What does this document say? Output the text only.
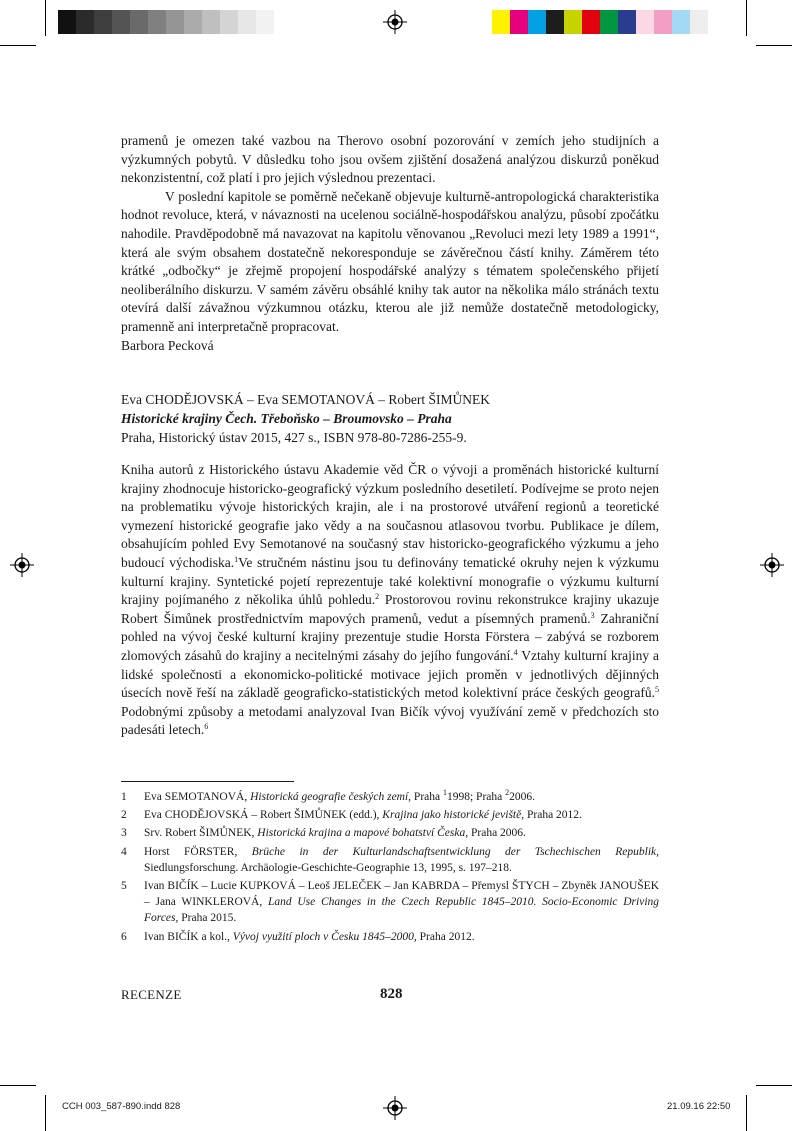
pramenů je omezen také vazbou na Therovo osobní pozorování v zemích jeho studijních a výzkumných pobytů. V důsledku toho jsou ovšem zjištění dosažená analýzou diskurzů poněkud nekonzistentní, což platí i pro jejich výslednou prezentaci.

V poslední kapitole se poměrně nečekaně objevuje kulturně-antropologická charakteristika hodnot revoluce, která, v návaznosti na ucelenou sociálně-hospodářskou analýzu, působí zpočátku nahodile. Pravděpodobně má navazovat na kapitolu věnovanou „Revoluci mezi lety 1989 a 1991“, která ale svým obsahem dostatečně nekoresponduje se závěrečnou částí knihy. Záměrem této krátké „odbočky“ je zřejmě propojení hospodářské analýzy s tématem společenského přijetí neoliberálního diskurzu. V samém závěru obsáhlé knihy tak autor na několika málo stránách textu otevírá další závažnou výzkumnou otázku, kterou ale již nemůže dostatečně metodologicky, pramenně ani interpretačně propracovat.

Barbora Pecková

Eva CHODĚJOVSKÁ – Eva SEMOTANOVÁ – Robert ŠIMŮNEK
Historické krajiny Čech. Třeboňsko – Broumovsko – Praha
Praha, Historický ústav 2015, 427 s., ISBN 978-80-7286-255-9.

Kniha autorů z Historického ústavu Akademie věd ČR o vývoji a proměnách historické kulturní krajiny zhodnocuje historicko-geografický výzkum posledního desetiletí. Podívejme se proto nejen na problematiku vývoje historických krajin, ale i na prostorové utváření regionů a teoretické vymezení historické geografie jako vědy a na současnou atlasovou tvorbu. Publikace je dílem, obsahujícím pohled Evy Semotanové na současný stav historicko-geografického výzkumu a jeho budoucí východiska.$^1$Ve stručném nástinu jsou tu definovány tematické okruhy nejen k výzkumu kulturní krajiny. Syntetické pojetí reprezentuje také kolektivní monografie o výzkumu kulturní krajiny pojímaného z několika úhlů pohledu.$^2$ Prostorovou rovinu rekonstrukce krajiny ukazuje Robert Šimůnek prostřednictvím mapových pramenů, vedut a písemných pramenů.$^3$ Zahraniční pohled na vývoj české kulturní krajiny prezentuje studie Horsta Förstera – zabývá se rozborem zlomových zásahů do krajiny a necitelnými zásahy do jejího fungování.$^4$ Vztahy kulturní krajiny a lidské společnosti a ekonomicko-politické motivace jejich proměn v jednotlivých dějinných úsecích nově řeší na základě geograficko-statistických metod kolektivní práce českých geografů.$^5$ Podobnými způsoby a metodami analyzoval Ivan Bičík vývoj využívání země v předchozích sto padesáti letech.$^6$

1	Eva SEMOTANOVÁ, Historická geografie českých zemí, Praha $^1$1998; Praha $^2$2006.
2	Eva CHODĚJOVSKÁ – Robert ŠIMŮNEK (edd.), Krajina jako historické jeviště, Praha 2012.
3	Srv. Robert ŠIMŮNEK, Historická krajina a mapové bohatství Česka, Praha 2006.
4	Horst FÖRSTER, Brüche in der Kulturlandschaftsentwicklung der Tschechischen Republik, Siedlungsforschung. Archäologie-Geschichte-Geographie 13, 1995, s. 197–218.
5	Ivan BIČÍK – Lucie KUPKOVÁ – Leoš JELEČEK – Jan KABRDA – Přemysl ŠTYCH – Zbyněk JANOUŠEK – Jana WINKLEROVÁ, Land Use Changes in the Czech Republic 1845–2010. Socio-Economic Driving Forces, Praha 2015.
6	Ivan BIČÍK a kol., Vývoj využití ploch v Česku 1845–2000, Praha 2012.
RECENZE	828
CCH 003_587-890.indd 828	21.09.16 22:50
